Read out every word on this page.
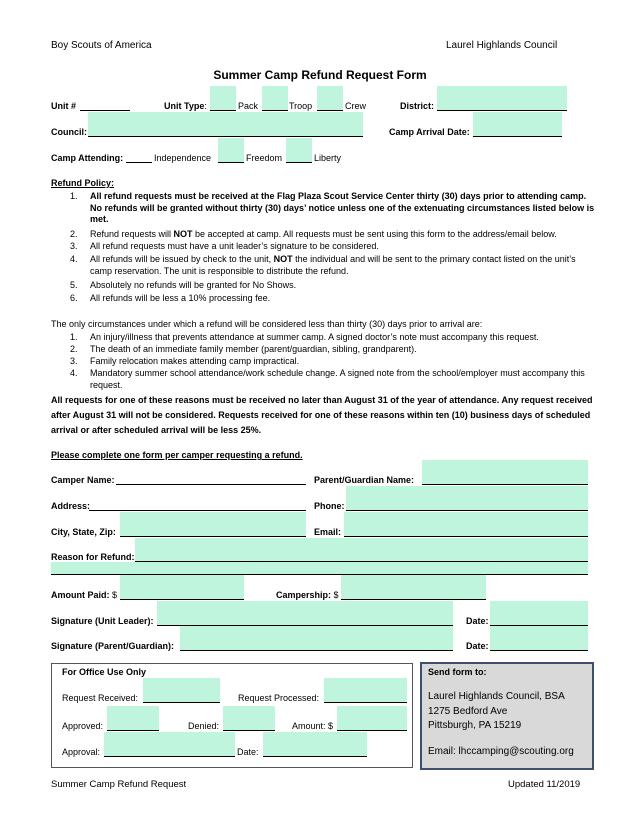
Boy Scouts of America	Laurel Highlands Council
Summer Camp Refund Request Form
Unit #	Unit Type:	Pack	Troop	Crew	District:
Council:	Camp Arrival Date:
Camp Attending:	Independence	Freedom	Liberty
Refund Policy:
1. All refund requests must be received at the Flag Plaza Scout Service Center thirty (30) days prior to attending camp. No refunds will be granted without thirty (30) days’ notice unless one of the extenuating circumstances listed below is met.
2. Refund requests will NOT be accepted at camp. All requests must be sent using this form to the address/email below.
3. All refund requests must have a unit leader’s signature to be considered.
4. All refunds will be issued by check to the unit, NOT the individual and will be sent to the primary contact listed on the unit’s camp reservation. The unit is responsible to distribute the refund.
5. Absolutely no refunds will be granted for No Shows.
6. All refunds will be less a 10% processing fee.
The only circumstances under which a refund will be considered less than thirty (30) days prior to arrival are:
1. An injury/illness that prevents attendance at summer camp. A signed doctor’s note must accompany this request.
2. The death of an immediate family member (parent/guardian, sibling, grandparent).
3. Family relocation makes attending camp impractical.
4. Mandatory summer school attendance/work schedule change. A signed note from the school/employer must accompany this request.
All requests for one of these reasons must be received no later than August 31 of the year of attendance. Any request received after August 31 will not be considered. Requests received for one of these reasons within ten (10) business days of scheduled arrival or after scheduled arrival will be less 25%.
Please complete one form per camper requesting a refund.
Camper Name:	Parent/Guardian Name:
Address:	Phone:
City, State, Zip:	Email:
Reason for Refund:
Amount Paid: $	Campership: $
Signature (Unit Leader):	Date:
Signature (Parent/Guardian):	Date:
For Office Use Only
Request Received:	Request Processed:
Approved:	Denied:	Amount: $
Approval:	Date:
Send form to:
Laurel Highlands Council, BSA
1275 Bedford Ave
Pittsburgh, PA 15219
Email: lhccamping@scouting.org
Summer Camp Refund Request	Updated 11/2019
